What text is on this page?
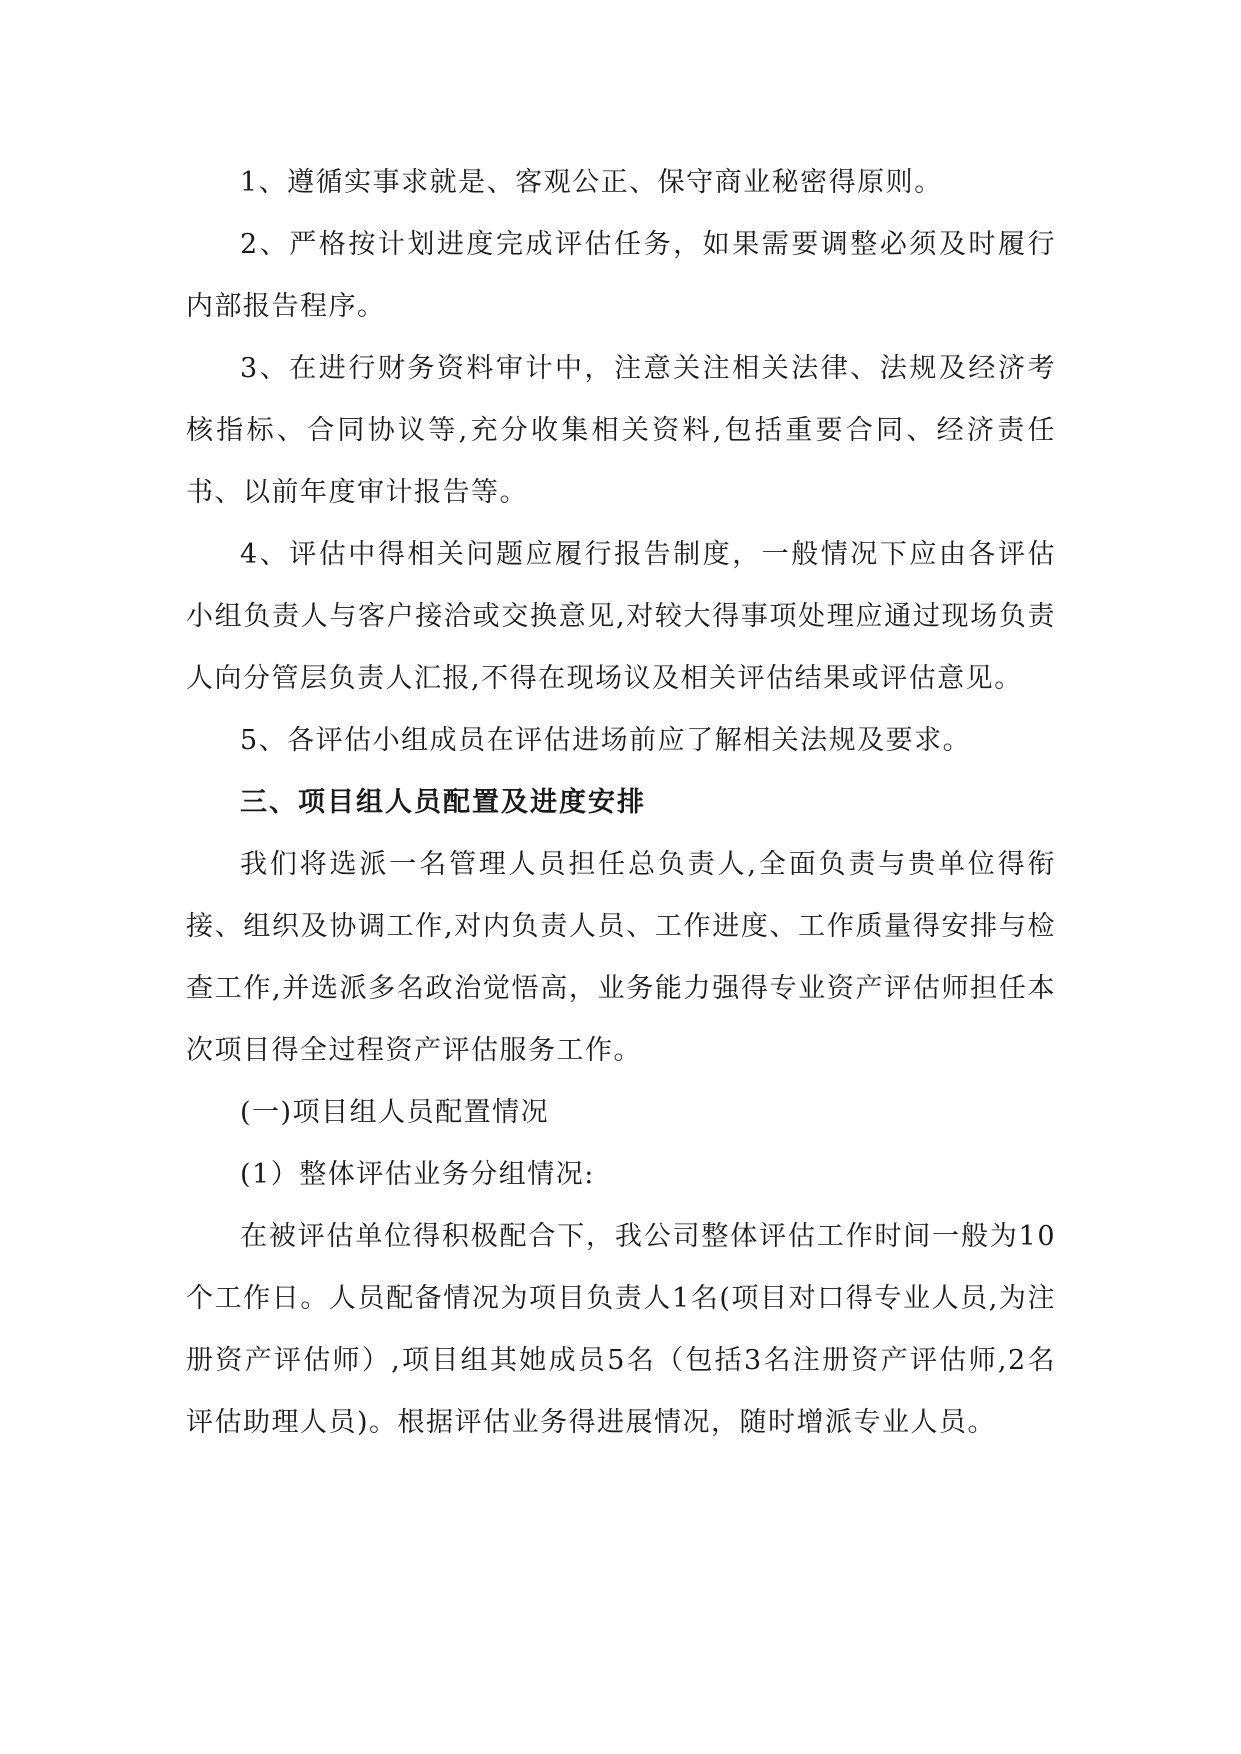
1、遵循实事求就是、客观公正、保守商业秘密得原则。

2、严格按计划进度完成评估任务，如果需要调整必须及时履行内部报告程序。

3、在进行财务资料审计中，注意关注相关法律、法规及经济考核指标、合同协议等,充分收集相关资料,包括重要合同、经济责任书、以前年度审计报告等。

4、评估中得相关问题应履行报告制度，一般情况下应由各评估小组负责人与客户接洽或交换意见,对较大得事项处理应通过现场负责人向分管层负责人汇报,不得在现场议及相关评估结果或评估意见。

5、各评估小组成员在评估进场前应了解相关法规及要求。

三、项目组人员配置及进度安排

我们将选派一名管理人员担任总负责人,全面负责与贵单位得衔接、组织及协调工作,对内负责人员、工作进度、工作质量得安排与检查工作,并选派多名政治觉悟高，业务能力强得专业资产评估师担任本次项目得全过程资产评估服务工作。

(一)项目组人员配置情况

(1）整体评估业务分组情况:

在被评估单位得积极配合下，我公司整体评估工作时间一般为10个工作日。人员配备情况为项目负责人1名(项目对口得专业人员,为注册资产评估师）,项目组其她成员5名（包括3名注册资产评估师,2名评估助理人员)。根据评估业务得进展情况，随时增派专业人员。
